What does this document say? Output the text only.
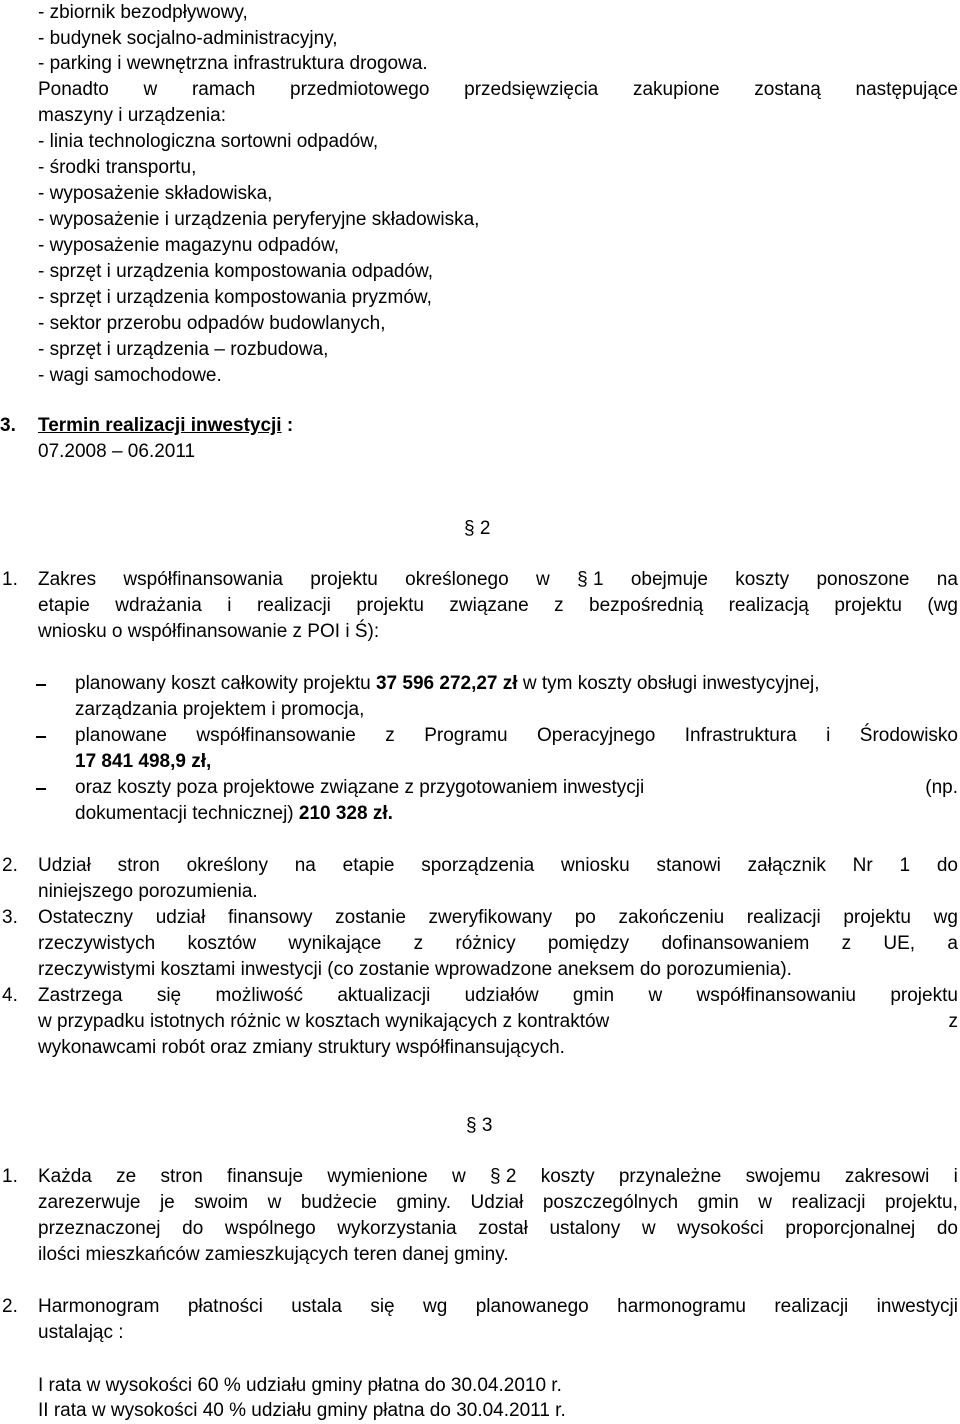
- zbiornik bezodpływowy,
- budynek socjalno-administracyjny,
- parking i wewnętrzna infrastruktura drogowa.
Ponadto w ramach przedmiotowego przedsięwzięcia zakupione zostaną następujące
maszyny i urządzenia:
- linia technologiczna sortowni odpadów,
- środki transportu,
- wyposażenie składowiska,
- wyposażenie i urządzenia peryferyjne składowiska,
- wyposażenie magazynu odpadów,
- sprzęt i urządzenia kompostowania odpadów,
- sprzęt i urządzenia kompostowania pryzmów,
- sektor przerobu odpadów budowlanych,
- sprzęt i urządzenia – rozbudowa,
- wagi samochodowe.
3. Termin realizacji inwestycji :
07.2008 – 06.2011
§ 2
1.	Zakres współfinansowania projektu określonego w § 1 obejmuje koszty ponoszone na
etapie wdrażania i realizacji projektu związane z bezpośrednią realizacją projektu (wg
wniosku o współfinansowanie z POI i Ś):
planowany koszt całkowity projektu 37 596 272,27 zł w tym koszty obsługi inwestycyjnej,
zarządzania projektem i promocja,
planowane współfinansowanie z Programu Operacyjnego Infrastruktura i Środowisko
17 841 498,9 zł,
oraz koszty poza projektowe związane z przygotowaniem inwestycji	(np.
dokumentacji technicznej) 210 328 zł.
2.	Udział stron określony na etapie sporządzenia wniosku stanowi załącznik Nr 1 do
niniejszego porozumienia.
3.	Ostateczny udział finansowy zostanie zweryfikowany po zakończeniu realizacji projektu wg
rzeczywistych kosztów wynikające z różnicy pomiędzy dofinansowaniem z UE, a
rzeczywistymi kosztami inwestycji (co zostanie wprowadzone aneksem do porozumienia).
4.	Zastrzega się możliwość aktualizacji udziałów gmin w współfinansowaniu projektu
w przypadku istotnych różnic w kosztach wynikających z kontraktów	z
wykonawcami robót oraz zmiany struktury współfinansujących.
§ 3
1.	Każda ze stron finansuje wymienione w § 2 koszty przynależne swojemu zakresowi i
zarezerwuje je swoim w budżecie gminy. Udział poszczególnych gmin w realizacji projektu,
przeznaczonej do wspólnego wykorzystania został ustalony w wysokości proporcjonalnej do
ilości mieszkańców zamieszkujących teren danej gminy.
2.	Harmonogram płatności ustala się wg planowanego harmonogramu realizacji inwestycji
ustalając :
I rata w wysokości 60 % udziału gminy płatna do 30.04.2010 r.
II rata w wysokości 40 % udziału gminy płatna do 30.04.2011 r.
